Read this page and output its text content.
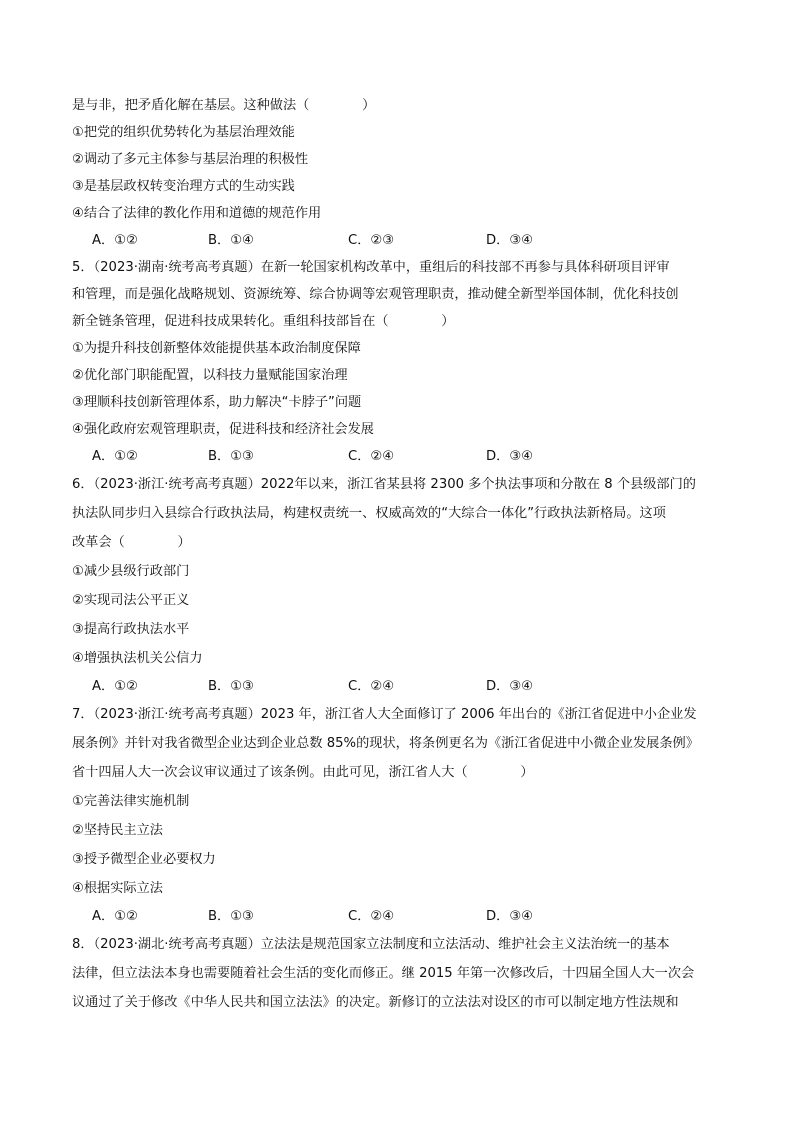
是与非，把矛盾化解在基层。这种做法（　　　　）
①把党的组织优势转化为基层治理效能
②调动了多元主体参与基层治理的积极性
③是基层政权转变治理方式的生动实践
④结合了法律的教化作用和道德的规范作用
A．①②	B．①④	C．②③	D．③④
5．（2023·湖南·统考高考真题）在新一轮国家机构改革中，重组后的科技部不再参与具体科研项目评审
和管理，而是强化战略规划、资源统筹、综合协调等宏观管理职责，推动健全新型举国体制，优化科技创
新全链条管理，促进科技成果转化。重组科技部旨在（　　　　）
①为提升科技创新整体效能提供基本政治制度保障
②优化部门职能配置，以科技力量赋能国家治理
③理顺科技创新管理体系，助力解决“卡脖子”问题
④强化政府宏观管理职责，促进科技和经济社会发展
A．①②	B．①③	C．②④	D．③④
6．（2023·浙江·统考高考真题）2022年以来，浙江省某县将 2300 多个执法事项和分散在 8 个县级部门的
执法队同步归入县综合行政执法局，构建权责统一、权威高效的“大综合一体化”行政执法新格局。这项
改革会（　　　　）
①减少县级行政部门
②实现司法公平正义
③提高行政执法水平
④增强执法机关公信力
A．①②	B．①③	C．②④	D．③④
7．（2023·浙江·统考高考真题）2023 年，浙江省人大全面修订了 2006 年出台的《浙江省促进中小企业发
展条例》并针对我省微型企业达到企业总数 85%的现状，将条例更名为《浙江省促进中小微企业发展条例》
省十四届人大一次会议审议通过了该条例。由此可见，浙江省人大（　　　　）
①完善法律实施机制
②坚持民主立法
③授予微型企业必要权力
④根据实际立法
A．①②	B．①③	C．②④	D．③④
8．（2023·湖北·统考高考真题）立法法是规范国家立法制度和立法活动、维护社会主义法治统一的基本
法律，但立法法本身也需要随着社会生活的变化而修正。继 2015 年第一次修改后，十四届全国人大一次会
议通过了关于修改《中华人民共和国立法法》的决定。新修订的立法法对设区的市可以制定地方性法规和
